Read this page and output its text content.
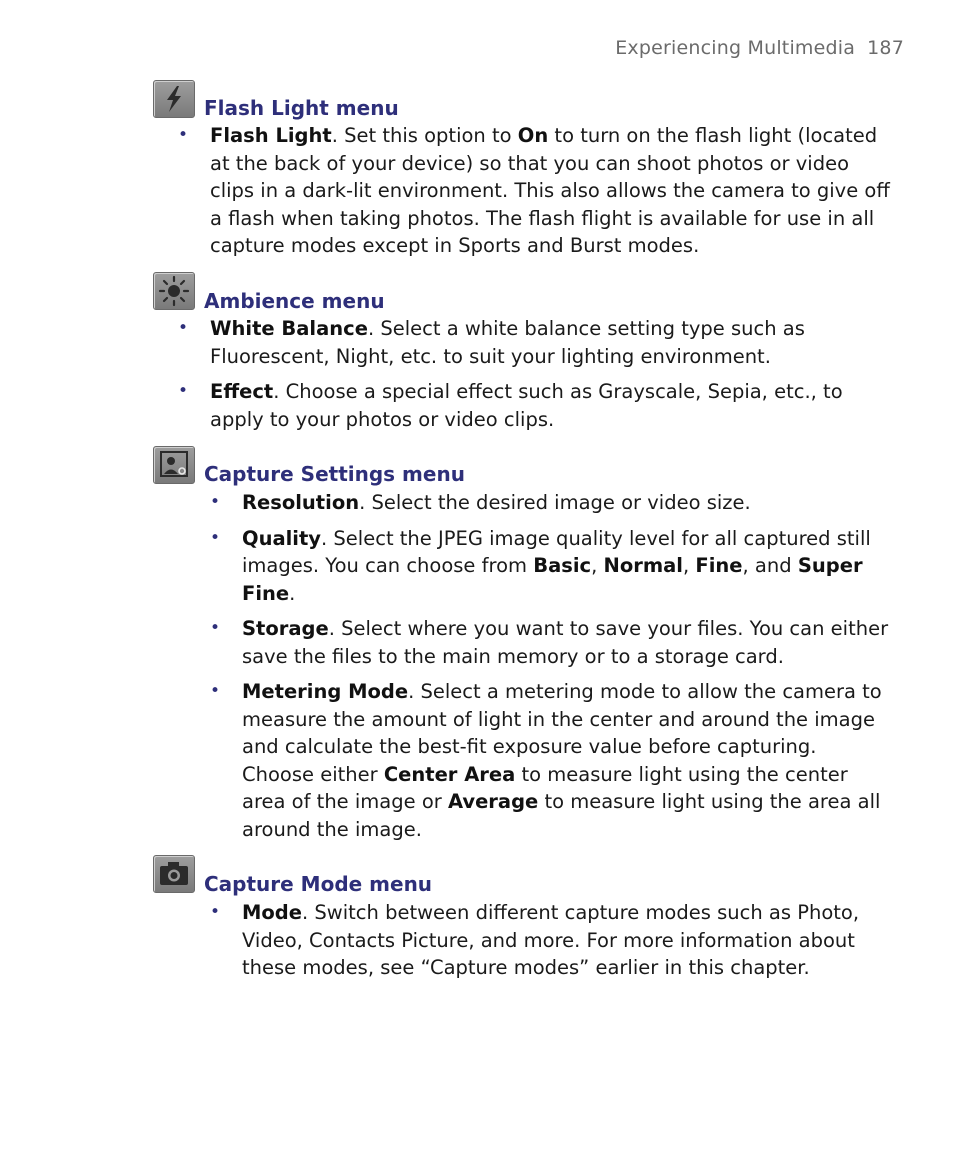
Experiencing Multimedia 187
Flash Light menu
• Flash Light. Set this option to On to turn on the flash light (located at the back of your device) so that you can shoot photos or video clips in a dark-lit environment. This also allows the camera to give off a flash when taking photos. The flash flight is available for use in all capture modes except in Sports and Burst modes.
Ambience menu
• White Balance. Select a white balance setting type such as Fluorescent, Night, etc. to suit your lighting environment.
• Effect. Choose a special effect such as Grayscale, Sepia, etc., to apply to your photos or video clips.
Capture Settings menu
• Resolution. Select the desired image or video size.
• Quality. Select the JPEG image quality level for all captured still images. You can choose from Basic, Normal, Fine, and Super Fine.
• Storage. Select where you want to save your files. You can either save the files to the main memory or to a storage card.
• Metering Mode. Select a metering mode to allow the camera to measure the amount of light in the center and around the image and calculate the best-fit exposure value before capturing. Choose either Center Area to measure light using the center area of the image or Average to measure light using the area all around the image.
Capture Mode menu
• Mode. Switch between different capture modes such as Photo, Video, Contacts Picture, and more. For more information about these modes, see “Capture modes” earlier in this chapter.
